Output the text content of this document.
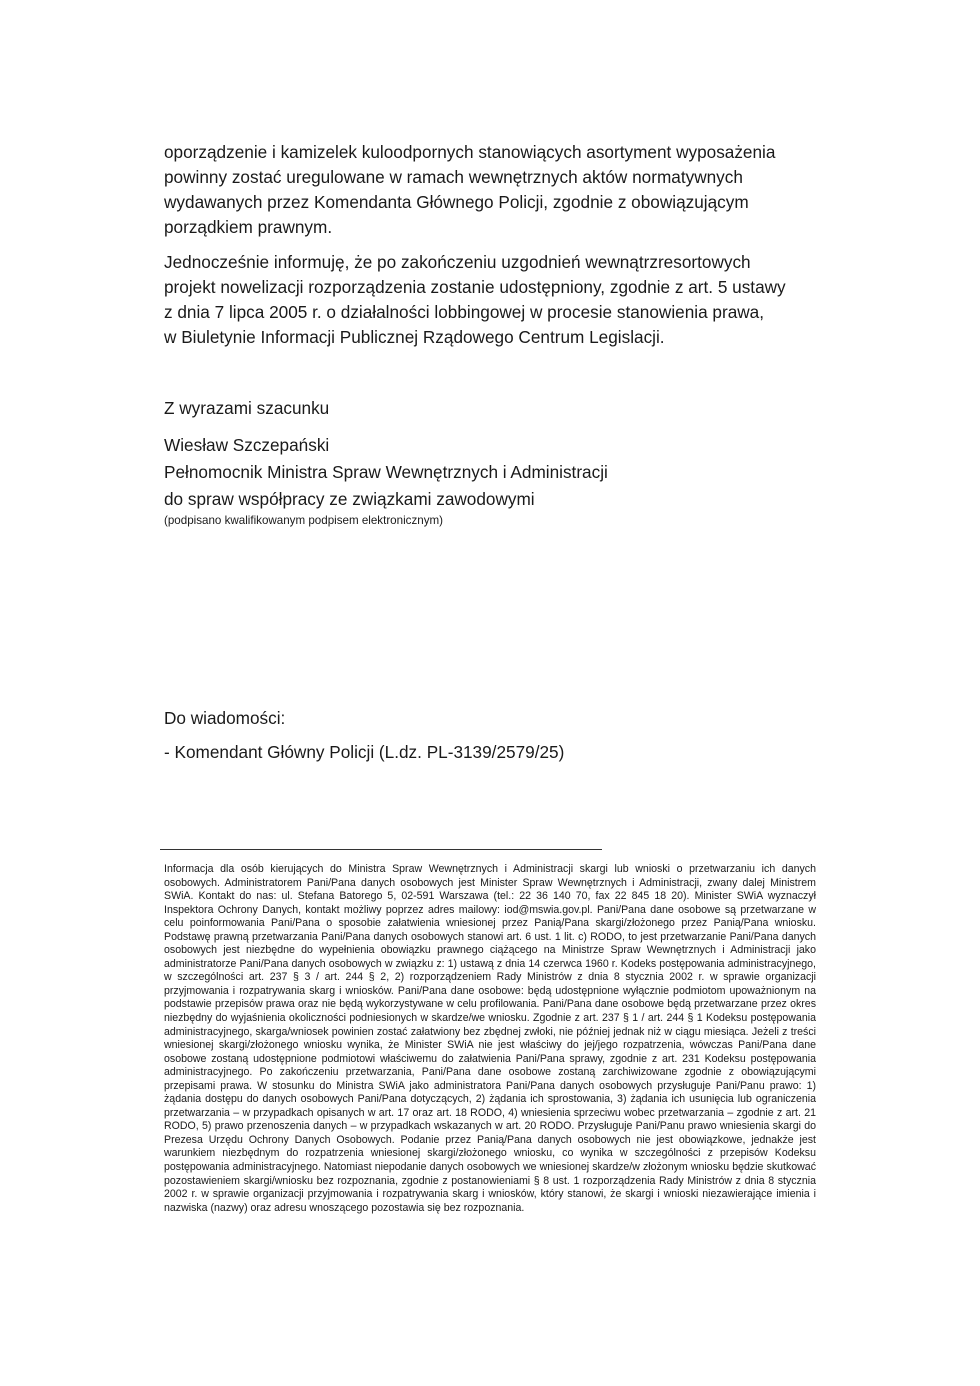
oporządzenie i kamizelek kuloodpornych stanowiących asortyment wyposażenia
powinny zostać uregulowane w ramach wewnętrznych aktów normatywnych
wydawanych przez Komendanta Głównego Policji, zgodnie z obowiązującym
porządkiem prawnym.

Jednocześnie informuję, że po zakończeniu uzgodnień wewnątrzresortowych
projekt nowelizacji rozporządzenia zostanie udostępniony, zgodnie z art. 5 ustawy
z dnia 7 lipca 2005 r. o działalności lobbingowej w procesie stanowienia prawa,
w Biuletynie Informacji Publicznej Rządowego Centrum Legislacji.

Z wyrazami szacunku

Wiesław Szczepański
Pełnomocnik Ministra Spraw Wewnętrznych i Administracji
do spraw współpracy ze związkami zawodowymi
(podpisano kwalifikowanym podpisem elektronicznym)

Do wiadomości:

- Komendant Główny Policji (L.dz. PL-3139/2579/25)

Informacja dla osób kierujących do Ministra Spraw Wewnętrznych i Administracji skargi lub wnioski o przetwarzaniu ich danych osobowych. Administratorem Pani/Pana danych osobowych jest Minister Spraw Wewnętrznych i Administracji, zwany dalej Ministrem SWiA. Kontakt do nas: ul. Stefana Batorego 5, 02-591 Warszawa (tel.: 22 36 140 70, fax 22 845 18 20). Minister SWiA wyznaczył Inspektora Ochrony Danych, kontakt możliwy poprzez adres mailowy: iod@mswia.gov.pl. Pani/Pana dane osobowe są przetwarzane w celu poinformowania Pani/Pana o sposobie załatwienia wniesionej przez Panią/Pana skargi/złożonego przez Panią/Pana wniosku. Podstawę prawną przetwarzania Pani/Pana danych osobowych stanowi art. 6 ust. 1 lit. c) RODO, to jest przetwarzanie Pani/Pana danych osobowych jest niezbędne do wypełnienia obowiązku prawnego ciążącego na Ministrze Spraw Wewnętrznych i Administracji jako administratorze Pani/Pana danych osobowych w związku z: 1) ustawą z dnia 14 czerwca 1960 r. Kodeks postępowania administracyjnego, w szczególności art. 237 § 3 / art. 244 § 2, 2) rozporządzeniem Rady Ministrów z dnia 8 stycznia 2002 r. w sprawie organizacji przyjmowania i rozpatrywania skarg i wniosków. Pani/Pana dane osobowe: będą udostępnione wyłącznie podmiotom upoważnionym na podstawie przepisów prawa oraz nie będą wykorzystywane w celu profilowania. Pani/Pana dane osobowe będą przetwarzane przez okres niezbędny do wyjaśnienia okoliczności podniesionych w skardze/we wniosku. Zgodnie z art. 237 § 1 / art. 244 § 1 Kodeksu postępowania administracyjnego, skarga/wniosek powinien zostać załatwiony bez zbędnej zwłoki, nie później jednak niż w ciągu miesiąca. Jeżeli z treści wniesionej skargi/złożonego wniosku wynika, że Minister SWiA nie jest właściwy do jej/jego rozpatrzenia, wówczas Pani/Pana dane osobowe zostaną udostępnione podmiotowi właściwemu do załatwienia Pani/Pana sprawy, zgodnie z art. 231 Kodeksu postępowania administracyjnego. Po zakończeniu przetwarzania, Pani/Pana dane osobowe zostaną zarchiwizowane zgodnie z obowiązującymi przepisami prawa. W stosunku do Ministra SWiA jako administratora Pani/Pana danych osobowych przysługuje Pani/Panu prawo: 1) żądania dostępu do danych osobowych Pani/Pana dotyczących, 2) żądania ich sprostowania, 3) żądania ich usunięcia lub ograniczenia przetwarzania – w przypadkach opisanych w art. 17 oraz art. 18 RODO, 4) wniesienia sprzeciwu wobec przetwarzania – zgodnie z art. 21 RODO, 5) prawo przenoszenia danych – w przypadkach wskazanych w art. 20 RODO. Przysługuje Pani/Panu prawo wniesienia skargi do Prezesa Urzędu Ochrony Danych Osobowych. Podanie przez Panią/Pana danych osobowych nie jest obowiązkowe, jednakże jest warunkiem niezbędnym do rozpatrzenia wniesionej skargi/złożonego wniosku, co wynika w szczególności z przepisów Kodeksu postępowania administracyjnego. Natomiast niepodanie danych osobowych we wniesionej skardze/w złożonym wniosku będzie skutkować pozostawieniem skargi/wniosku bez rozpoznania, zgodnie z postanowieniami § 8 ust. 1 rozporządzenia Rady Ministrów z dnia 8 stycznia 2002 r. w sprawie organizacji przyjmowania i rozpatrywania skarg i wniosków, który stanowi, że skargi i wnioski niezawierające imienia i nazwiska (nazwy) oraz adresu wnoszącego pozostawia się bez rozpoznania.
